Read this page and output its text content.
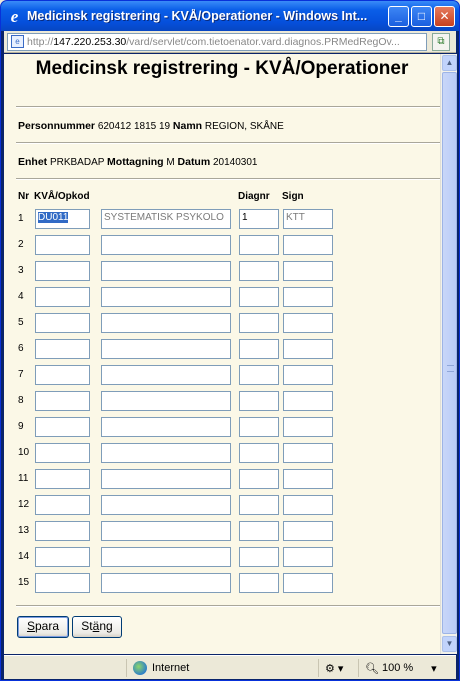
e Medicinsk registrering - KVÅ/Operationer - Windows Int...	_ □ ✕
e http:// 147.220.253.30 /vard/servlet/com.tietoenator.vard.diagnos.PRMedRegOv...	⧉
Medicinsk registrering - KVÅ/Operationer
Personnummer 620412 1815 19 Namn REGION, SKÅNE
Enhet PRKBADAP Mottagning M Datum 20140301
Nr KVÅ/Opkod	Diagnr Sign
1	DU011	SYSTEMATISK PSYKOLO	1	KTT
2
3
4
5
6
7
8
9
10
11
12
13
14
15
Spara	Stäng
▲
▼
Internet	⚙ ▾ 🔍︎ 100 % ▾
